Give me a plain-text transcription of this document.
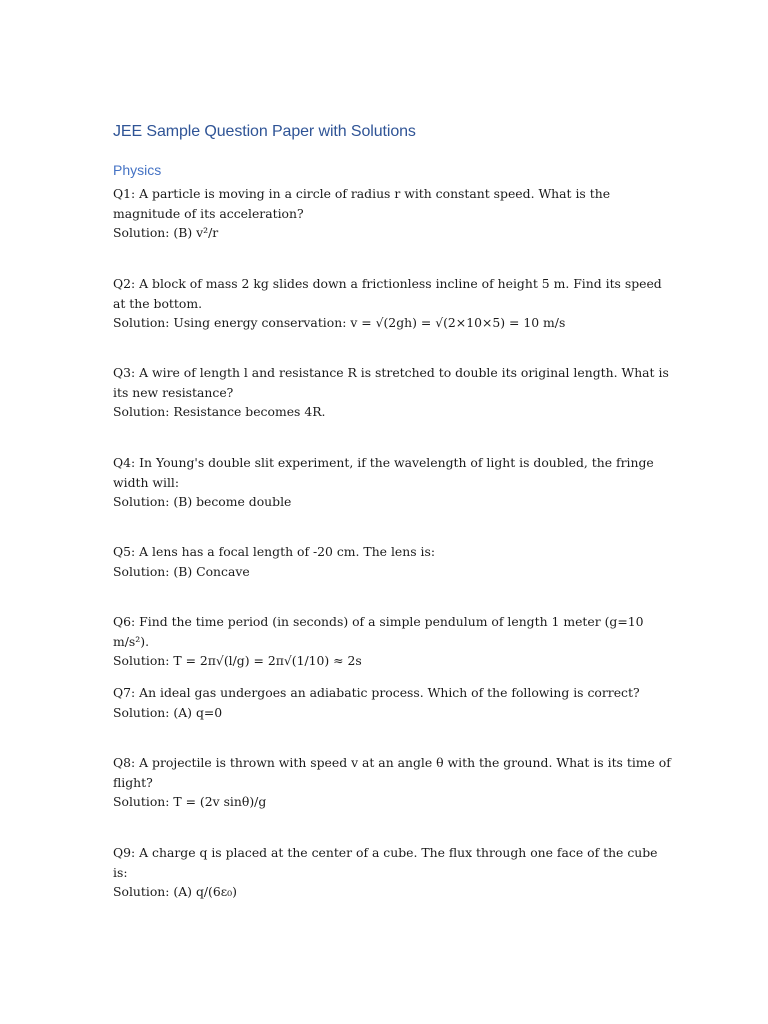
JEE Sample Question Paper with Solutions
Physics

Q1: A particle is moving in a circle of radius r with constant speed. What is the magnitude of its acceleration?

Solution: (B) v²/r

Q2: A block of mass 2 kg slides down a frictionless incline of height 5 m. Find its speed at the bottom.

Solution: Using energy conservation: v = √(2gh) = √(2×10×5) = 10 m/s

Q3: A wire of length l and resistance R is stretched to double its original length. What is its new resistance?

Solution: Resistance becomes 4R.

Q4: In Young's double slit experiment, if the wavelength of light is doubled, the fringe width will:

Solution: (B) become double

Q5: A lens has a focal length of -20 cm. The lens is:

Solution: (B) Concave

Q6: Find the time period (in seconds) of a simple pendulum of length 1 meter (g=10 m/s²).

Solution: T = 2π√(l/g) = 2π√(1/10) ≈ 2s

Q7: An ideal gas undergoes an adiabatic process. Which of the following is correct?

Solution: (A) q=0

Q8: A projectile is thrown with speed v at an angle θ with the ground. What is its time of flight?

Solution: T = (2v sinθ)/g

Q9: A charge q is placed at the center of a cube. The flux through one face of the cube is:

Solution: (A) q/(6ε₀)
